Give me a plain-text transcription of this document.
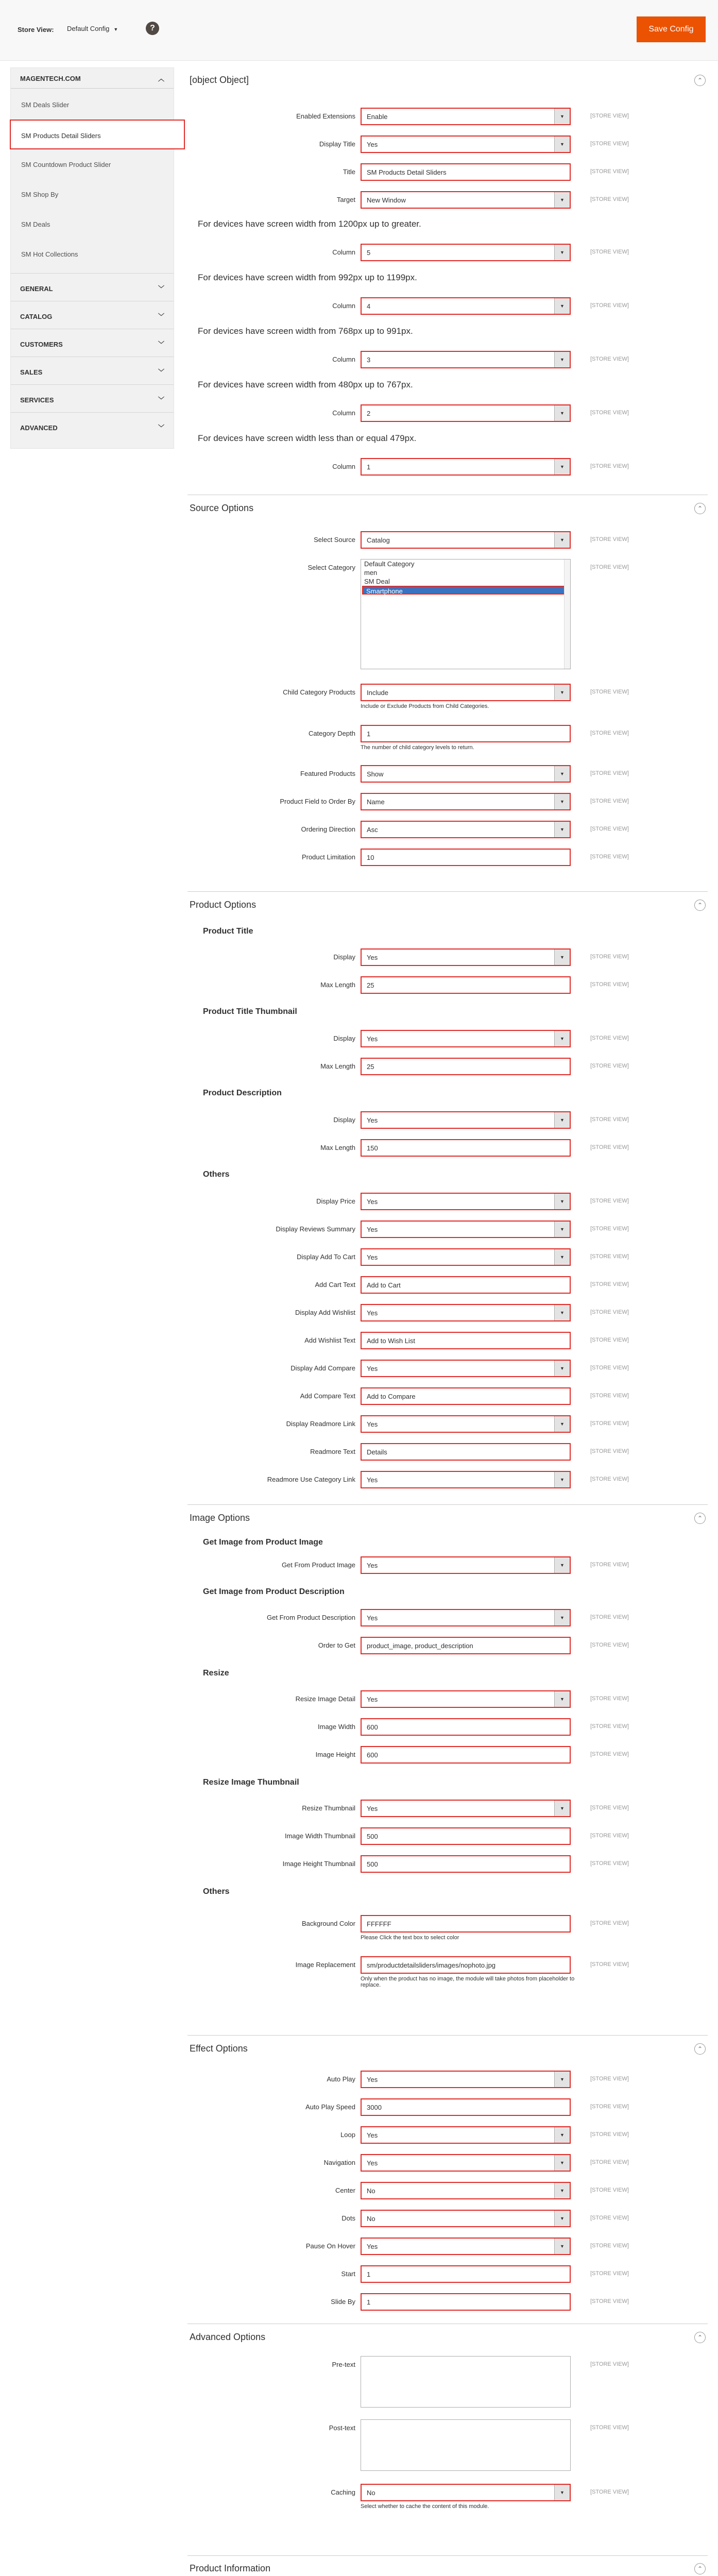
Store View: Default Config ▼	?	Save Config
MAGENTECH.COM	︿
SM Deals Slider
SM Products Detail Sliders
SM Countdown Product Slider
SM Shop By
SM Deals
SM Hot Collections
GENERAL	﹀
CATALOG	﹀
CUSTOMERS	﹀
SALES	﹀
SERVICES	﹀
ADVANCED	﹀
[object Object]	⌃
Enabled Extensions	Enable	▼	[STORE VIEW]
Display Title	Yes	▼	[STORE VIEW]
Title	SM Products Detail Sliders	[STORE VIEW]
Target	New Window	▼	[STORE VIEW]
For devices have screen width from 1200px up to greater.
Column	5	▼	[STORE VIEW]
For devices have screen width from 992px up to 1199px.
Column	4	▼	[STORE VIEW]
For devices have screen width from 768px up to 991px.
Column	3	▼	[STORE VIEW]
For devices have screen width from 480px up to 767px.
Column	2	▼	[STORE VIEW]
For devices have screen width less than or equal 479px.
Column	1	▼	[STORE VIEW]
Source Options	⌃
Select Source	Catalog	▼	[STORE VIEW]
Select Category	Default Category
men
SM Deal
Smartphone
[STORE VIEW]
Child Category Products	Include	▼	[STORE VIEW]
Include or Exclude Products from Child Categories.
Category Depth	1	[STORE VIEW]
The number of child category levels to return.
Featured Products	Show	▼	[STORE VIEW]
Product Field to Order By	Name	▼	[STORE VIEW]
Ordering Direction	Asc	▼	[STORE VIEW]
Product Limitation	10	[STORE VIEW]
Product Options	⌃
Product Title
Display	Yes	▼	[STORE VIEW]
Max Length	25	[STORE VIEW]
Product Title Thumbnail
Display	Yes	▼	[STORE VIEW]
Max Length	25	[STORE VIEW]
Product Description
Display	Yes	▼	[STORE VIEW]
Max Length	150	[STORE VIEW]
Others
Display Price	Yes	▼	[STORE VIEW]
Display Reviews Summary	Yes	▼	[STORE VIEW]
Display Add To Cart	Yes	▼	[STORE VIEW]
Add Cart Text	Add to Cart	[STORE VIEW]
Display Add Wishlist	Yes	▼	[STORE VIEW]
Add Wishlist Text	Add to Wish List	[STORE VIEW]
Display Add Compare	Yes	▼	[STORE VIEW]
Add Compare Text	Add to Compare	[STORE VIEW]
Display Readmore Link	Yes	▼	[STORE VIEW]
Readmore Text	Details	[STORE VIEW]
Readmore Use Category Link	Yes	▼	[STORE VIEW]
Image Options	⌃
Get Image from Product Image
Get From Product Image	Yes	▼	[STORE VIEW]
Get Image from Product Description
Get From Product Description	Yes	▼	[STORE VIEW]
Order to Get	product_image, product_description	[STORE VIEW]
Resize
Resize Image Detail	Yes	▼	[STORE VIEW]
Image Width	600	[STORE VIEW]
Image Height	600	[STORE VIEW]
Resize Image Thumbnail
Resize Thumbnail	Yes	▼	[STORE VIEW]
Image Width Thumbnail	500	[STORE VIEW]
Image Height Thumbnail	500	[STORE VIEW]
Others
Background Color	FFFFFF	[STORE VIEW]
Please Click the text box to select color
Image Replacement	sm/productdetailsliders/images/nophoto.jpg	[STORE VIEW]
Only when the product has no image, the module will take photos from placeholder to replace.
Effect Options	⌃
Auto Play	Yes	▼	[STORE VIEW]
Auto Play Speed	3000	[STORE VIEW]
Loop	Yes	▼	[STORE VIEW]
Navigation	Yes	▼	[STORE VIEW]
Center	No	▼	[STORE VIEW]
Dots	No	▼	[STORE VIEW]
Pause On Hover	Yes	▼	[STORE VIEW]
Start	1	[STORE VIEW]
Slide By	1	[STORE VIEW]
Advanced Options	⌃
Pre-text	[STORE VIEW]
Post-text	[STORE VIEW]
Caching	No	▼	[STORE VIEW]
Select whether to cache the content of this module.
Product Information	⌃
